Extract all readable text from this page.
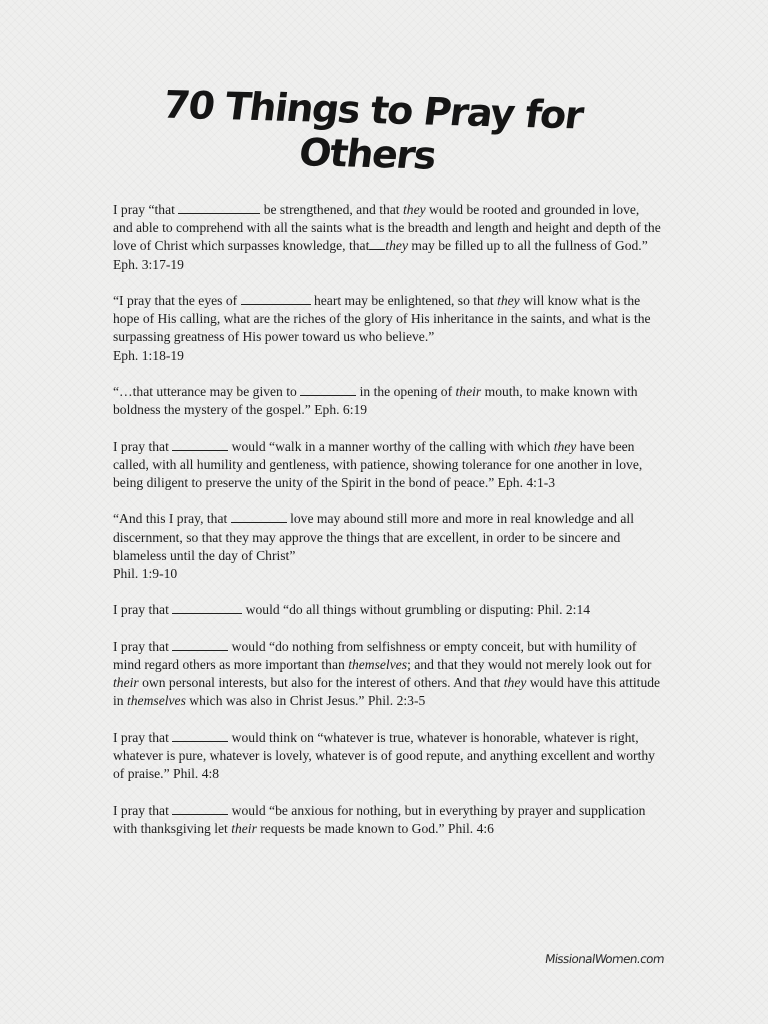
70 Things to Pray for Others

I pray “that	be strengthened, and that they would be rooted and grounded in love, and able to comprehend with all the saints what is the breadth and length and height and depth of the love of Christ which surpasses knowledge, that they may be filled up to all the fullness of God.” Eph. 3:17-19

“I pray that the eyes of	heart may be enlightened, so that they will know what is the hope of His calling, what are the riches of the glory of His inheritance in the saints, and what is the surpassing greatness of His power toward us who believe.”
Eph. 1:18-19

“…that utterance may be given to	in the opening of their mouth, to make known with boldness the mystery of the gospel.” Eph. 6:19

I pray that	would “walk in a manner worthy of the calling with which they have been called, with all humility and gentleness, with patience, showing tolerance for one another in love, being diligent to preserve the unity of the Spirit in the bond of peace.” Eph. 4:1-3

“And this I pray, that	love may abound still more and more in real knowledge and all discernment, so that they may approve the things that are excellent, in order to be sincere and blameless until the day of Christ”
Phil. 1:9-10

I pray that	would “do all things without grumbling or disputing: Phil. 2:14

I pray that	would “do nothing from selfishness or empty conceit, but with humility of mind regard others as more important than themselves; and that they would not merely look out for their own personal interests, but also for the interest of others. And that they would have this attitude in themselves which was also in Christ Jesus.” Phil. 2:3-5

I pray that	would think on “whatever is true, whatever is honorable, whatever is right, whatever is pure, whatever is lovely, whatever is of good repute, and anything excellent and worthy of praise.” Phil. 4:8

I pray that	would “be anxious for nothing, but in everything by prayer and supplication with thanksgiving let their requests be made known to God.” Phil. 4:6

MissionalWomen.com
